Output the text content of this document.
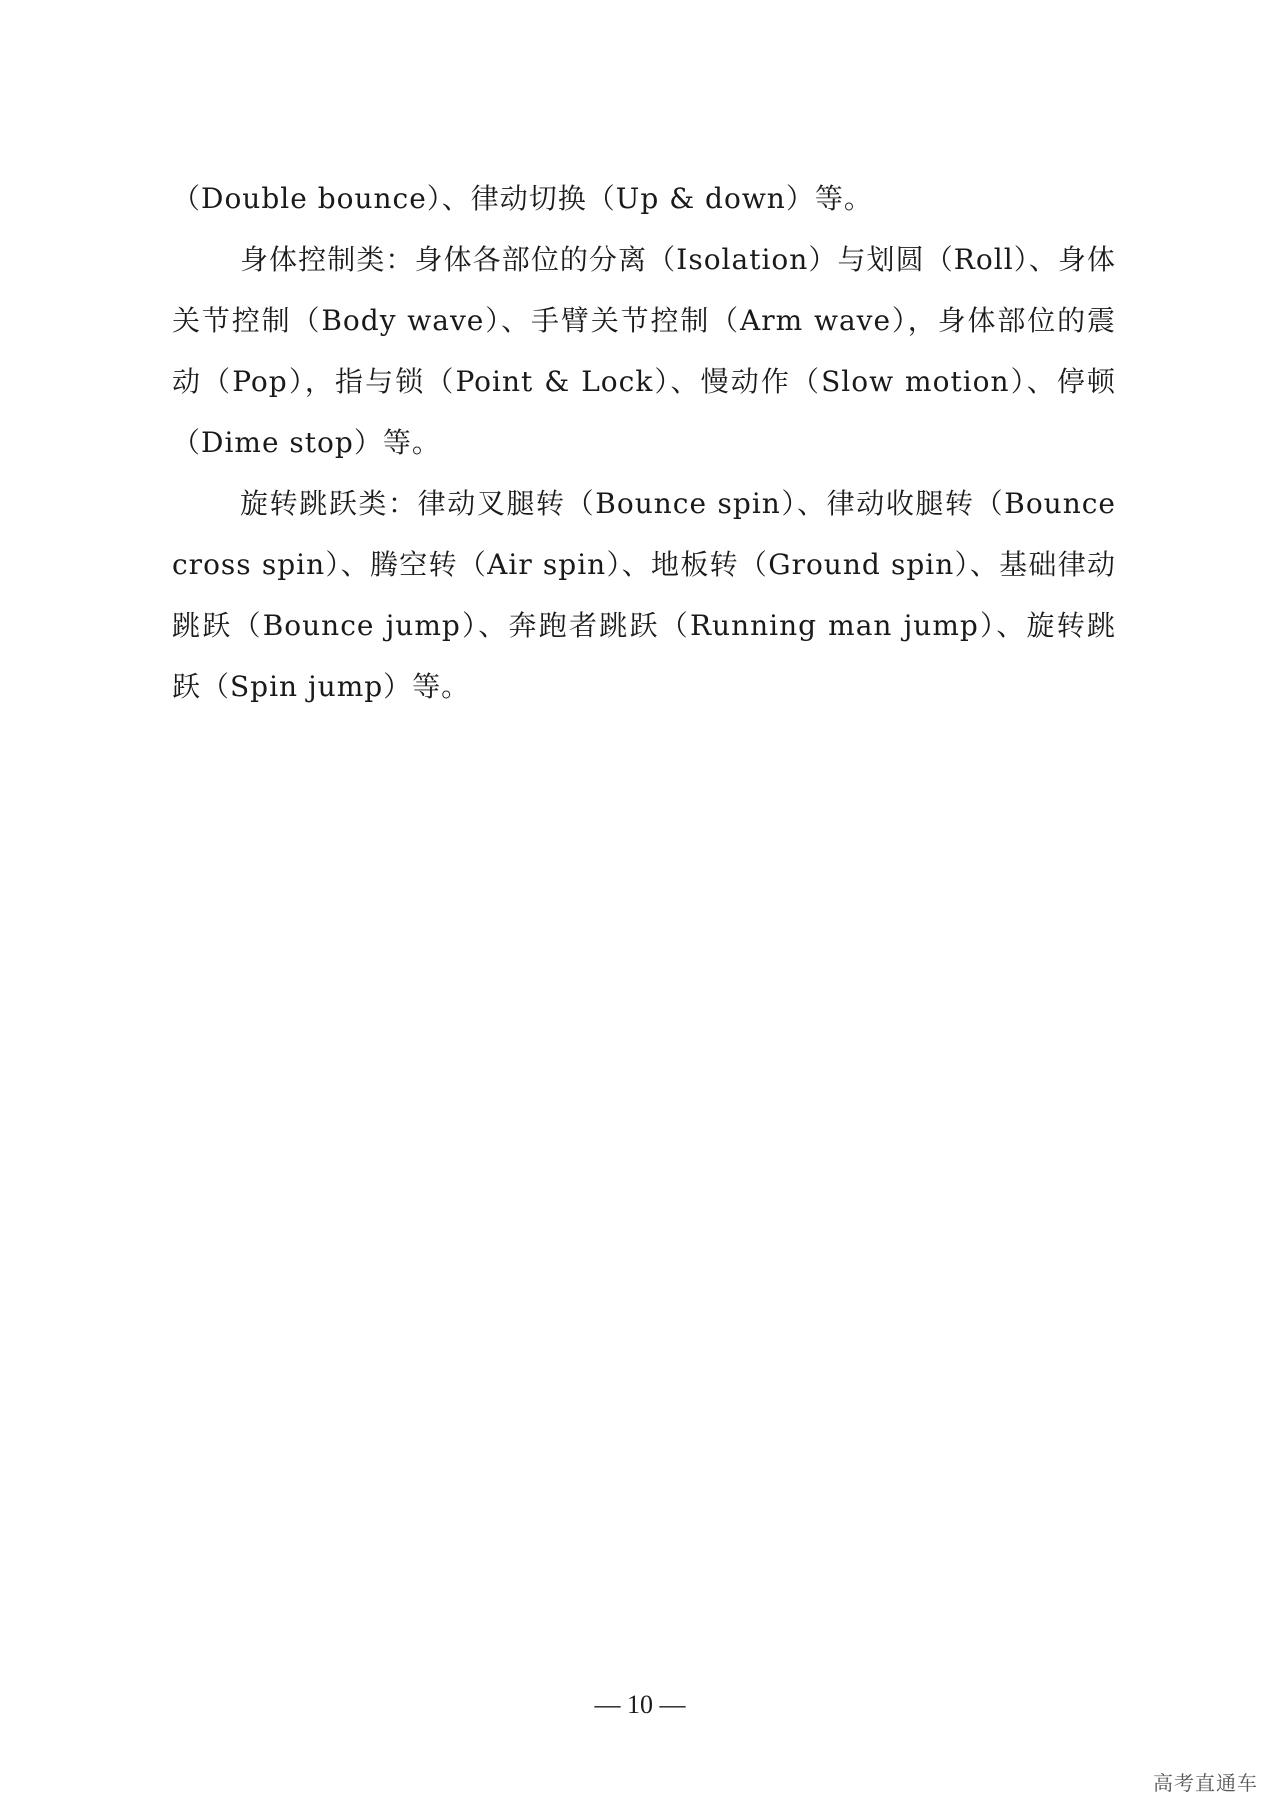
（Double bounce）、律动切换（Up & down）等。

身体控制类：身体各部位的分离（Isolation）与划圆（Roll）、身体关节控制（Body wave）、手臂关节控制（Arm wave），身体部位的震动（Pop），指与锁（Point & Lock）、慢动作（Slow motion）、停顿（Dime stop）等。

旋转跳跃类：律动叉腿转（Bounce spin）、律动收腿转（Bounce cross spin）、腾空转（Air spin）、地板转（Ground spin）、基础律动跳跃（Bounce jump）、奔跑者跳跃（Running man jump）、旋转跳跃（Spin jump）等。

— 10 —
高考直通车
